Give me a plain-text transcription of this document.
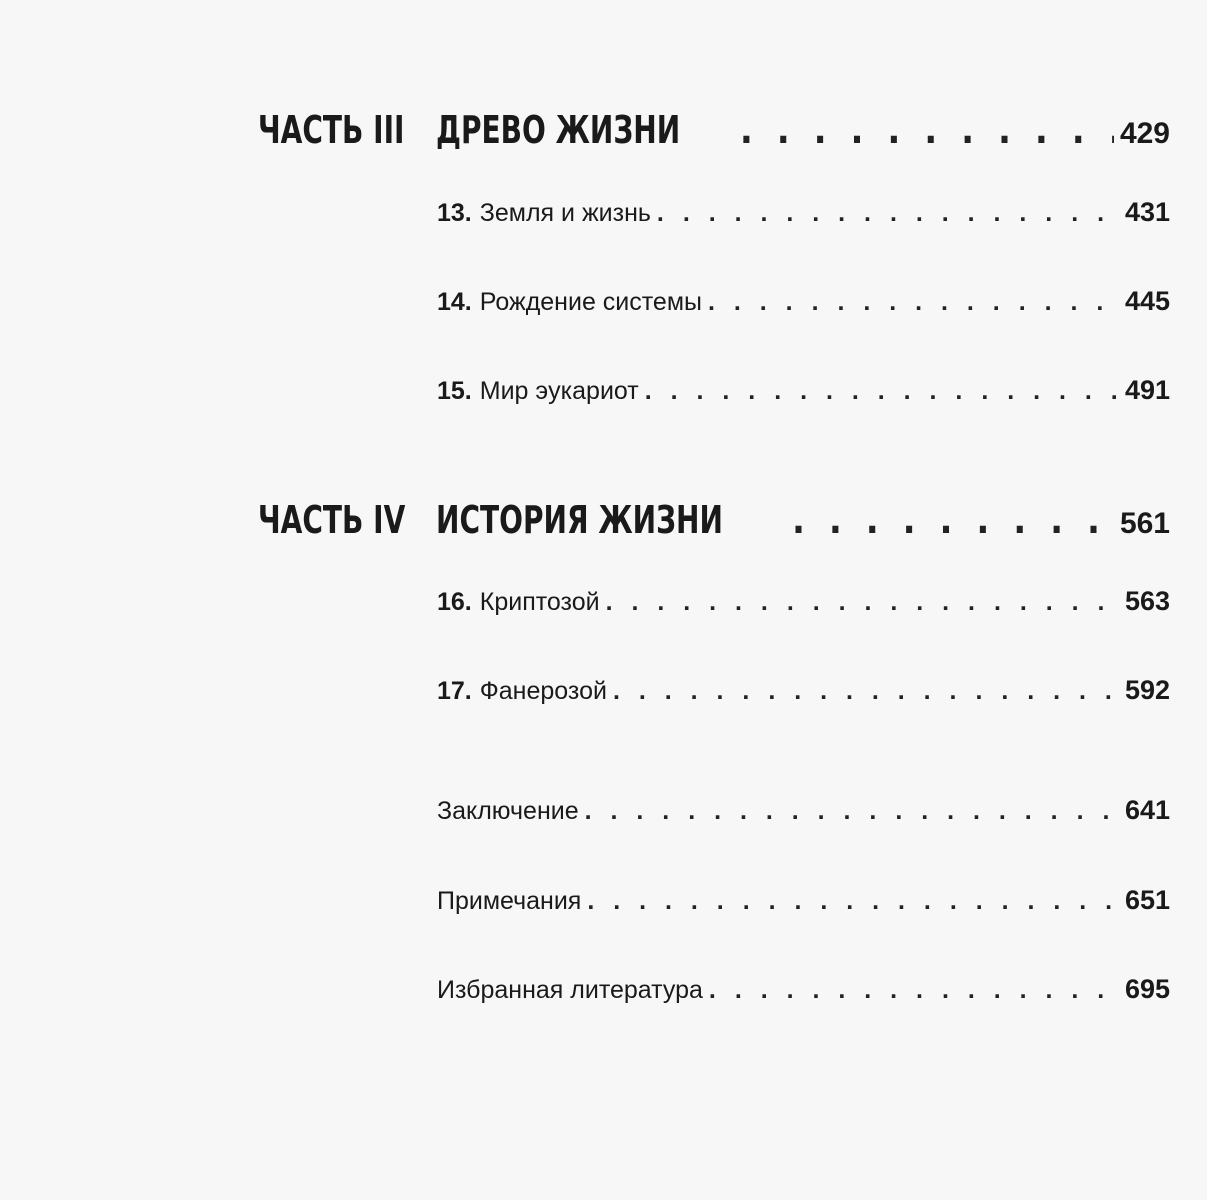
ЧАСТЬ III ДРЕВО ЖИЗНИ . . .	429
13. Земля и жизнь . . .	431
14. Рождение системы . . .	445
15. Мир эукариот . . .	491
ЧАСТЬ IV ИСТОРИЯ ЖИЗНИ . . .	561
16. Криптозой . . .	563
17. Фанерозой . . .	592
Заключение . . .	641
Примечания . . .	651
Избранная литература . . .	695
